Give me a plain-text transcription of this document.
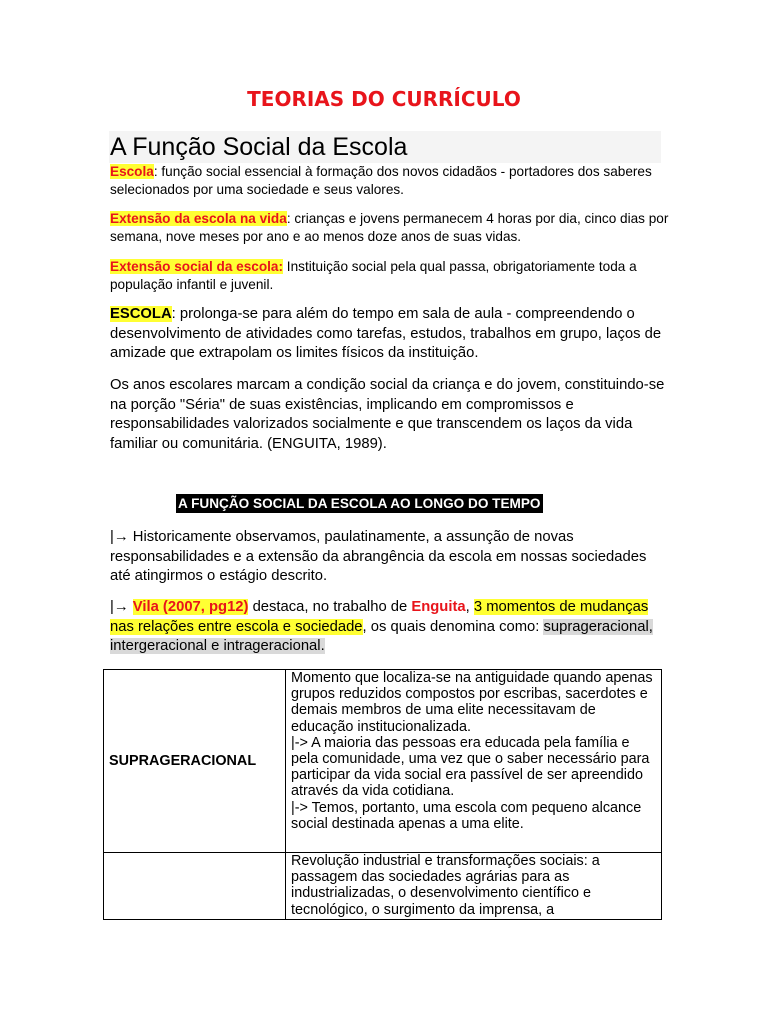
TEORIAS DO CURRÍCULO
A Função Social da Escola
Escola: função social essencial à formação dos novos cidadãos - portadores dos saberes selecionados por uma sociedade e seus valores.
Extensão da escola na vida: crianças e jovens permanecem 4 horas por dia, cinco dias por semana, nove meses por ano e ao menos doze anos de suas vidas.
Extensão social da escola: Instituição social pela qual passa, obrigatoriamente toda a população infantil e juvenil.
ESCOLA: prolonga-se para além do tempo em sala de aula - compreendendo o desenvolvimento de atividades como tarefas, estudos, trabalhos em grupo, laços de amizade que extrapolam os limites físicos da instituição.
Os anos escolares marcam a condição social da criança e do jovem, constituindo-se na porção "Séria" de suas existências, implicando em compromissos e responsabilidades valorizados socialmente e que transcendem os laços da vida familiar ou comunitária. (ENGUITA, 1989).
A FUNÇÃO SOCIAL DA ESCOLA AO LONGO DO TEMPO
|→ Historicamente observamos, paulatinamente, a assunção de novas responsabilidades e a extensão da abrangência da escola em nossas sociedades até atingirmos o estágio descrito.
|→ Vila (2007, pg12) destaca, no trabalho de Enguita, 3 momentos de mudanças nas relações entre escola e sociedade, os quais denomina como: suprageracional, intergeracional e intrageracional.
SUPRAGERACIONAL	Momento que localiza-se na antiguidade quando apenas grupos reduzidos compostos por escribas, sacerdotes e demais membros de uma elite necessitavam de educação institucionalizada.
|-> A maioria das pessoas era educada pela família e pela comunidade, uma vez que o saber necessário para participar da vida social era passível de ser apreendido através da vida cotidiana.
|-> Temos, portanto, uma escola com pequeno alcance social destinada apenas a uma elite.

	Revolução industrial e transformações sociais: a passagem das sociedades agrárias para as industrializadas, o desenvolvimento científico e tecnológico, o surgimento da imprensa, a
